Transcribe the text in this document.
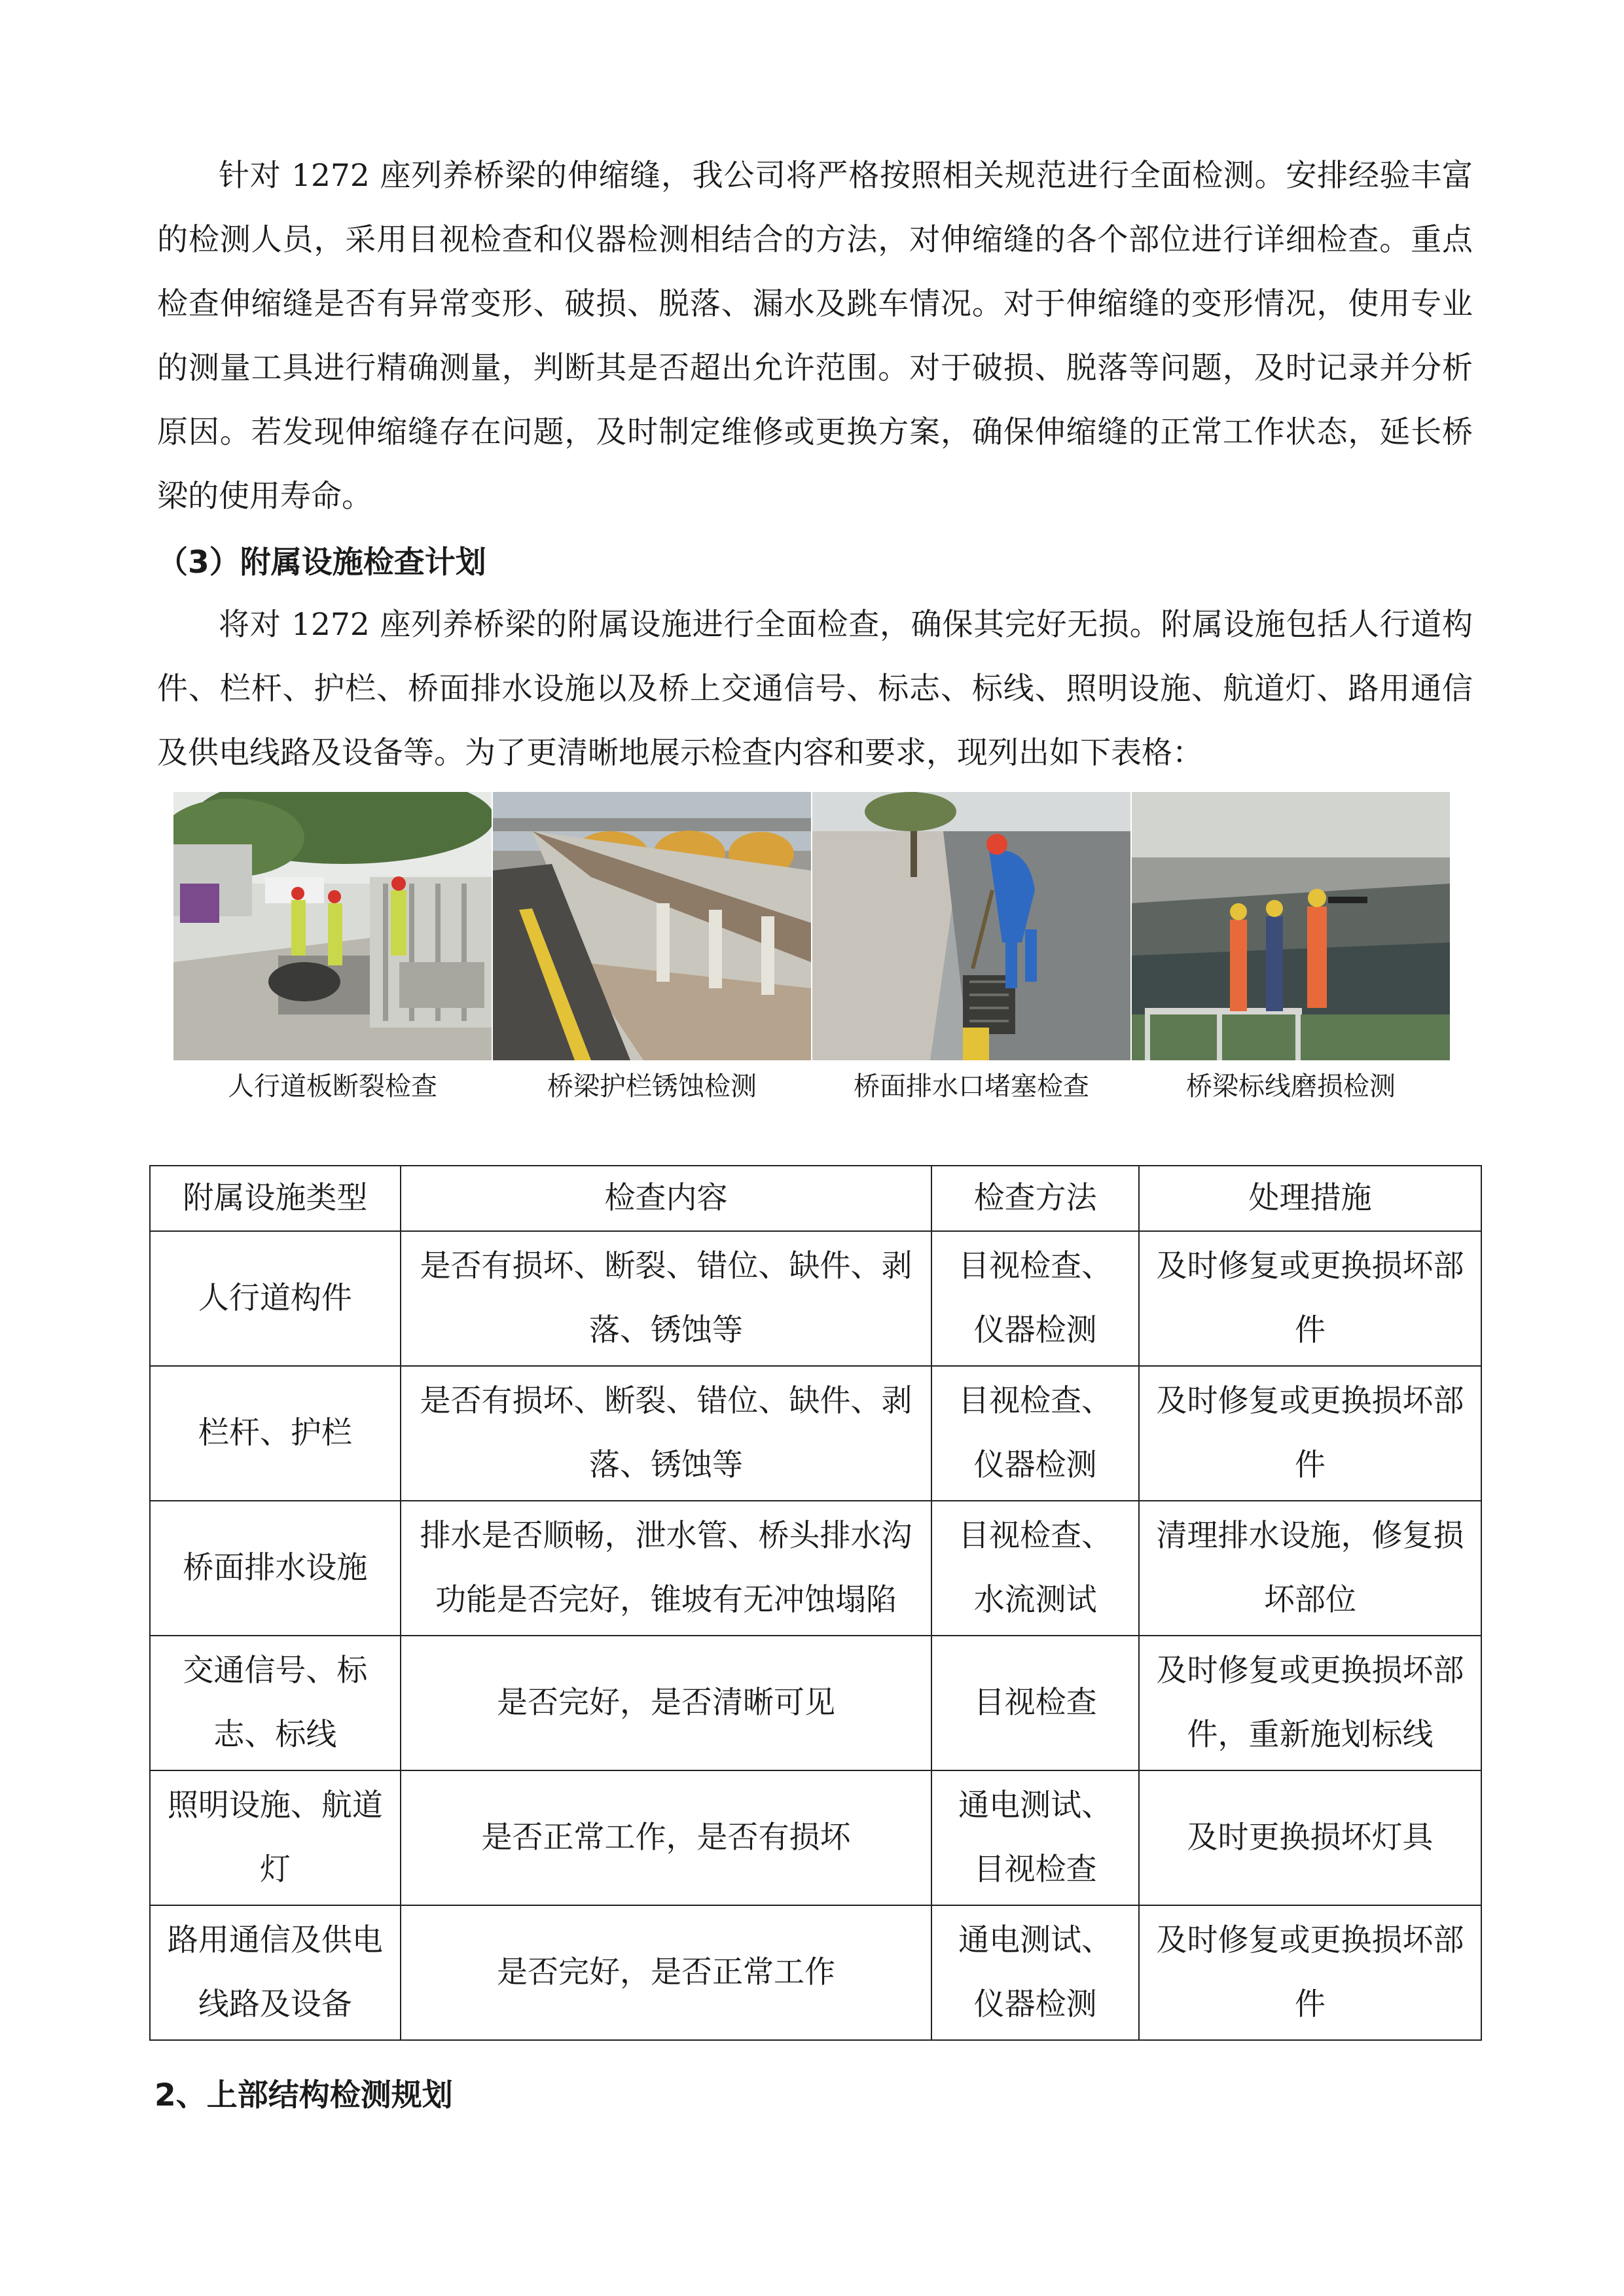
针对 1272 座列养桥梁的伸缩缝，我公司将严格按照相关规范进行全面检测。安排经验丰富的检测人员，采用目视检查和仪器检测相结合的方法，对伸缩缝的各个部位进行详细检查。重点检查伸缩缝是否有异常变形、破损、脱落、漏水及跳车情况。对于伸缩缝的变形情况，使用专业的测量工具进行精确测量，判断其是否超出允许范围。对于破损、脱落等问题，及时记录并分析原因。若发现伸缩缝存在问题，及时制定维修或更换方案，确保伸缩缝的正常工作状态，延长桥梁的使用寿命。

（3）附属设施检查计划

将对 1272 座列养桥梁的附属设施进行全面检查，确保其完好无损。附属设施包括人行道构件、栏杆、护栏、桥面排水设施以及桥上交通信号、标志、标线、照明设施、航道灯、路用通信及供电线路及设备等。为了更清晰地展示检查内容和要求，现列出如下表格：

人行道板断裂检查	桥梁护栏锈蚀检测	桥面排水口堵塞检查	桥梁标线磨损检测
附属设施类型	检查内容	检查方法	处理措施
人行道构件	是否有损坏、断裂、错位、缺件、剥落、锈蚀等	目视检查、仪器检测	及时修复或更换损坏部件
栏杆、护栏	是否有损坏、断裂、错位、缺件、剥落、锈蚀等	目视检查、仪器检测	及时修复或更换损坏部件
桥面排水设施	排水是否顺畅，泄水管、桥头排水沟功能是否完好，锥坡有无冲蚀塌陷	目视检查、水流测试	清理排水设施，修复损坏部位
交通信号、标志、标线	是否完好，是否清晰可见	目视检查	及时修复或更换损坏部件，重新施划标线
照明设施、航道灯	是否正常工作，是否有损坏	通电测试、目视检查	及时更换损坏灯具
路用通信及供电线路及设备	是否完好，是否正常工作	通电测试、仪器检测	及时修复或更换损坏部件

2、上部结构检测规划
